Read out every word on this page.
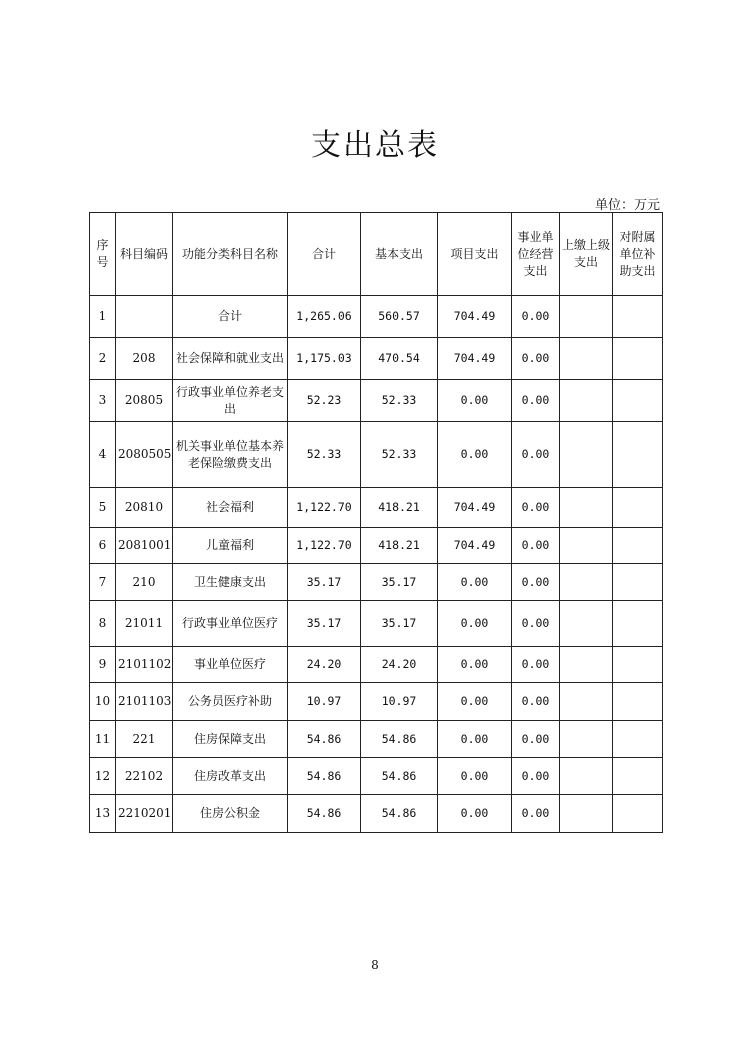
支出总表
单位：万元
序号	科目编码	功能分类科目名称	合计	基本支出	项目支出	事业单位经营支出	上缴上级支出	对附属单位补助支出
1		合计	1,265.06	560.57	704.49	0.00		
2	208	社会保障和就业支出	1,175.03	470.54	704.49	0.00		
3	20805	行政事业单位养老支出	52.23	52.33	0.00	0.00		
4	2080505	机关事业单位基本养老保险缴费支出	52.33	52.33	0.00	0.00		
5	20810	社会福利	1,122.70	418.21	704.49	0.00		
6	2081001	儿童福利	1,122.70	418.21	704.49	0.00		
7	210	卫生健康支出	35.17	35.17	0.00	0.00		
8	21011	行政事业单位医疗	35.17	35.17	0.00	0.00		
9	2101102	事业单位医疗	24.20	24.20	0.00	0.00		
10	2101103	公务员医疗补助	10.97	10.97	0.00	0.00		
11	221	住房保障支出	54.86	54.86	0.00	0.00		
12	22102	住房改革支出	54.86	54.86	0.00	0.00		
13	2210201	住房公积金	54.86	54.86	0.00	0.00		
8
